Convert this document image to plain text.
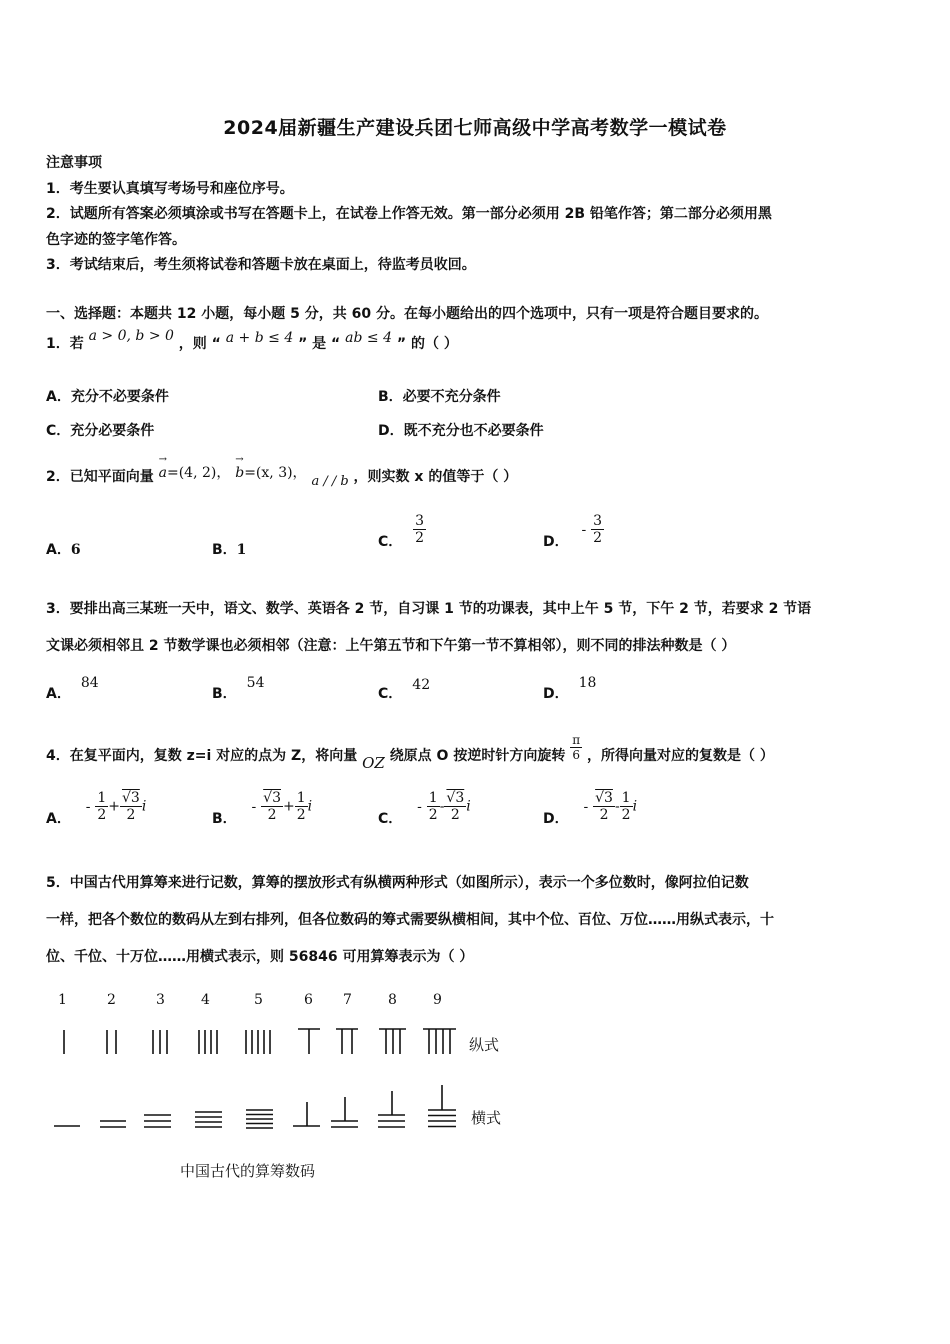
2024届新疆生产建设兵团七师高级中学高考数学一模试卷
注意事项
1．考生要认真填写考场号和座位序号。
2．试题所有答案必须填涂或书写在答题卡上，在试卷上作答无效。第一部分必须用 2B 铅笔作答；第二部分必须用黑
色字迹的签字笔作答。
3．考试结束后，考生须将试卷和答题卡放在桌面上，待监考员收回。
一、选择题：本题共 12 小题，每小题 5 分，共 60 分。在每小题给出的四个选项中，只有一项是符合题目要求的。
1．若 a > 0, b > 0 ，则 “ a + b ≤ 4 ” 是 “ ab ≤ 4 ” 的（ ）
A．充分不必要条件	B．必要不充分条件
C．充分必要条件	D．既不充分也不必要条件
2．已知平面向量
→
a=(4, 2)，
→
b=(x, 3)， a / / b ，则实数 x 的值等于（ ）
A．6	B．1
C． $\frac{3}{2}$	D． - $\frac{3}{2}$
3．要排出高三某班一天中，语文、数学、英语各 2 节，自习课 1 节的功课表，其中上午 5 节，下午 2 节，若要求 2 节语
文课必须相邻且 2 节数学课也必须相邻（注意：上午第五节和下午第一节不算相邻），则不同的排法种数是（ ）
A．84
B．54
C．42
D．18
4．在复平面内，复数 z=i 对应的点为 Z，将向量 OZ 绕原点 O 按逆时针方向旋转 $\frac{\pi}{6}$ ，所得向量对应的复数是（ ）
A． - $\frac{1}{2} + \frac{√3}{2}$ i
B． - $\frac{√3}{2} + \frac{1}{2}$ i
C． - $\frac{1}{2} - \frac{√3}{2}$ i
D． - $\frac{√3}{2} - \frac{1}{2}$ i
5．中国古代用算筹来进行记数，算筹的摆放形式有纵横两种形式（如图所示），表示一个多位数时，像阿拉伯记数
一样，把各个数位的数码从左到右排列，但各位数码的筹式需要纵横相间，其中个位、百位、万位……用纵式表示，十
位、千位、十万位……用横式表示，则 56846 可用算筹表示为（ ）
1	2	3	4	5	6 7	8	9
纵式
横式
中国古代的算筹数码
